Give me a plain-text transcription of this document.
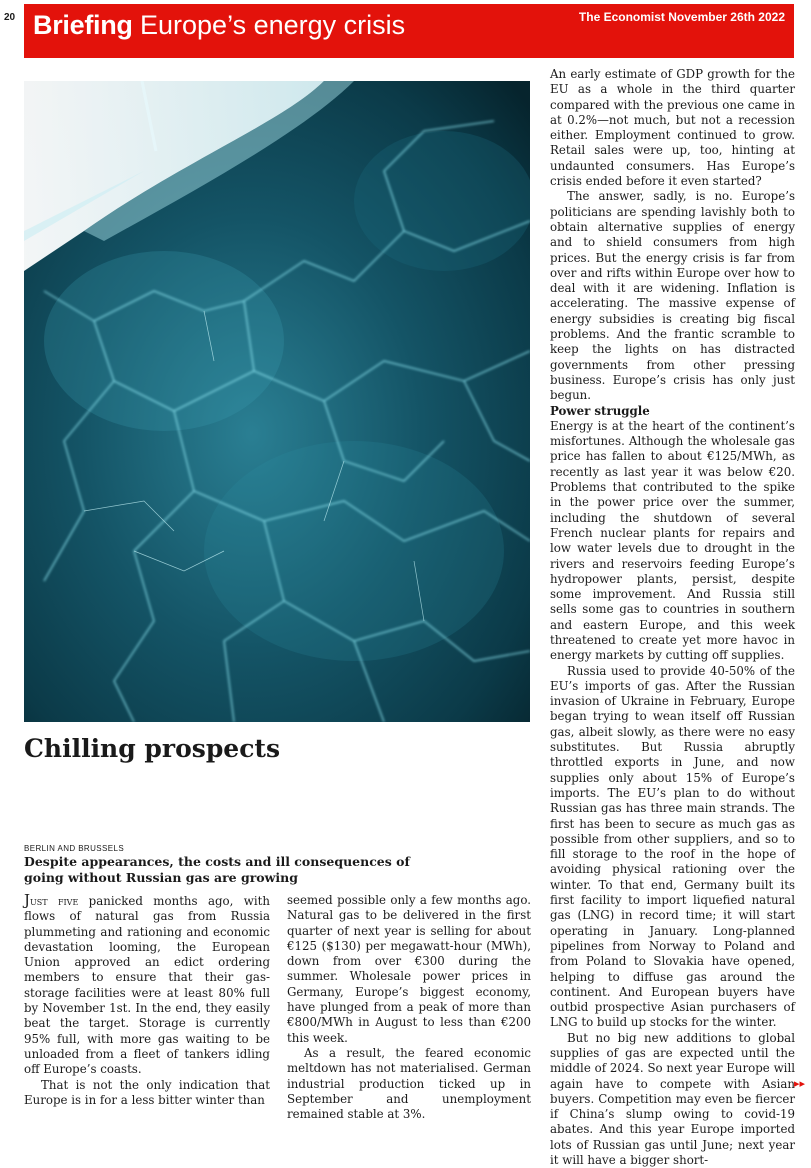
20 Briefing Europe’s energy crisis	The Economist November 26th 2022
Chilling prospects
BERLIN AND BRUSSELS

Despite appearances, the costs and ill consequences of going without Russian gas are growing

Just five panicked months ago, with flows of natural gas from Russia plummeting and rationing and economic devastation looming, the European Union approved an edict ordering members to ensure that their gas-storage facilities were at least 80% full by November 1st. In the end, they easily beat the target. Storage is currently 95% full, with more gas waiting to be unloaded from a fleet of tankers idling off Europe’s coasts.

That is not the only indication that Europe is in for a less bitter winter than

seemed possible only a few months ago. Natural gas to be delivered in the first quarter of next year is selling for about €125 ($130) per megawatt-hour (MWh), down from over €300 during the summer. Wholesale power prices in Germany, Europe’s biggest economy, have plunged from a peak of more than €800/MWh in August to less than €200 this week.

As a result, the feared economic meltdown has not materialised. German industrial production ticked up in September and unemployment remained stable at 3%.

An early estimate of GDP growth for the EU as a whole in the third quarter compared with the previous one came in at 0.2%—not much, but not a recession either. Employment continued to grow. Retail sales were up, too, hinting at undaunted consumers. Has Europe’s crisis ended before it even started?

The answer, sadly, is no. Europe’s politicians are spending lavishly both to obtain alternative supplies of energy and to shield consumers from high prices. But the energy crisis is far from over and rifts within Europe over how to deal with it are widening. Inflation is accelerating. The massive expense of energy subsidies is creating big fiscal problems. And the frantic scramble to keep the lights on has distracted governments from other pressing business. Europe’s crisis has only just begun.

Power struggle

Energy is at the heart of the continent’s misfortunes. Although the wholesale gas price has fallen to about €125/MWh, as recently as last year it was below €20. Problems that contributed to the spike in the power price over the summer, including the shutdown of several French nuclear plants for repairs and low water levels due to drought in the rivers and reservoirs feeding Europe’s hydropower plants, persist, despite some improvement. And Russia still sells some gas to countries in southern and eastern Europe, and this week threatened to create yet more havoc in energy markets by cutting off supplies.

Russia used to provide 40-50% of the EU’s imports of gas. After the Russian invasion of Ukraine in February, Europe began trying to wean itself off Russian gas, albeit slowly, as there were no easy substitutes. But Russia abruptly throttled exports in June, and now supplies only about 15% of Europe’s imports. The EU’s plan to do without Russian gas has three main strands. The first has been to secure as much gas as possible from other suppliers, and so to fill storage to the roof in the hope of avoiding physical rationing over the winter. To that end, Germany built its first facility to import liquefied natural gas (LNG) in record time; it will start operating in January. Long-planned pipelines from Norway to Poland and from Poland to Slovakia have opened, helping to diffuse gas around the continent. And European buyers have outbid prospective Asian purchasers of LNG to build up stocks for the winter.

But no big new additions to global supplies of gas are expected until the middle of 2024. So next year Europe will again have to compete with Asian buyers. Competition may even be fiercer if China’s slump owing to covid-19 abates. And this year Europe imported lots of Russian gas until June; next year it will have a bigger short-

▸▸
